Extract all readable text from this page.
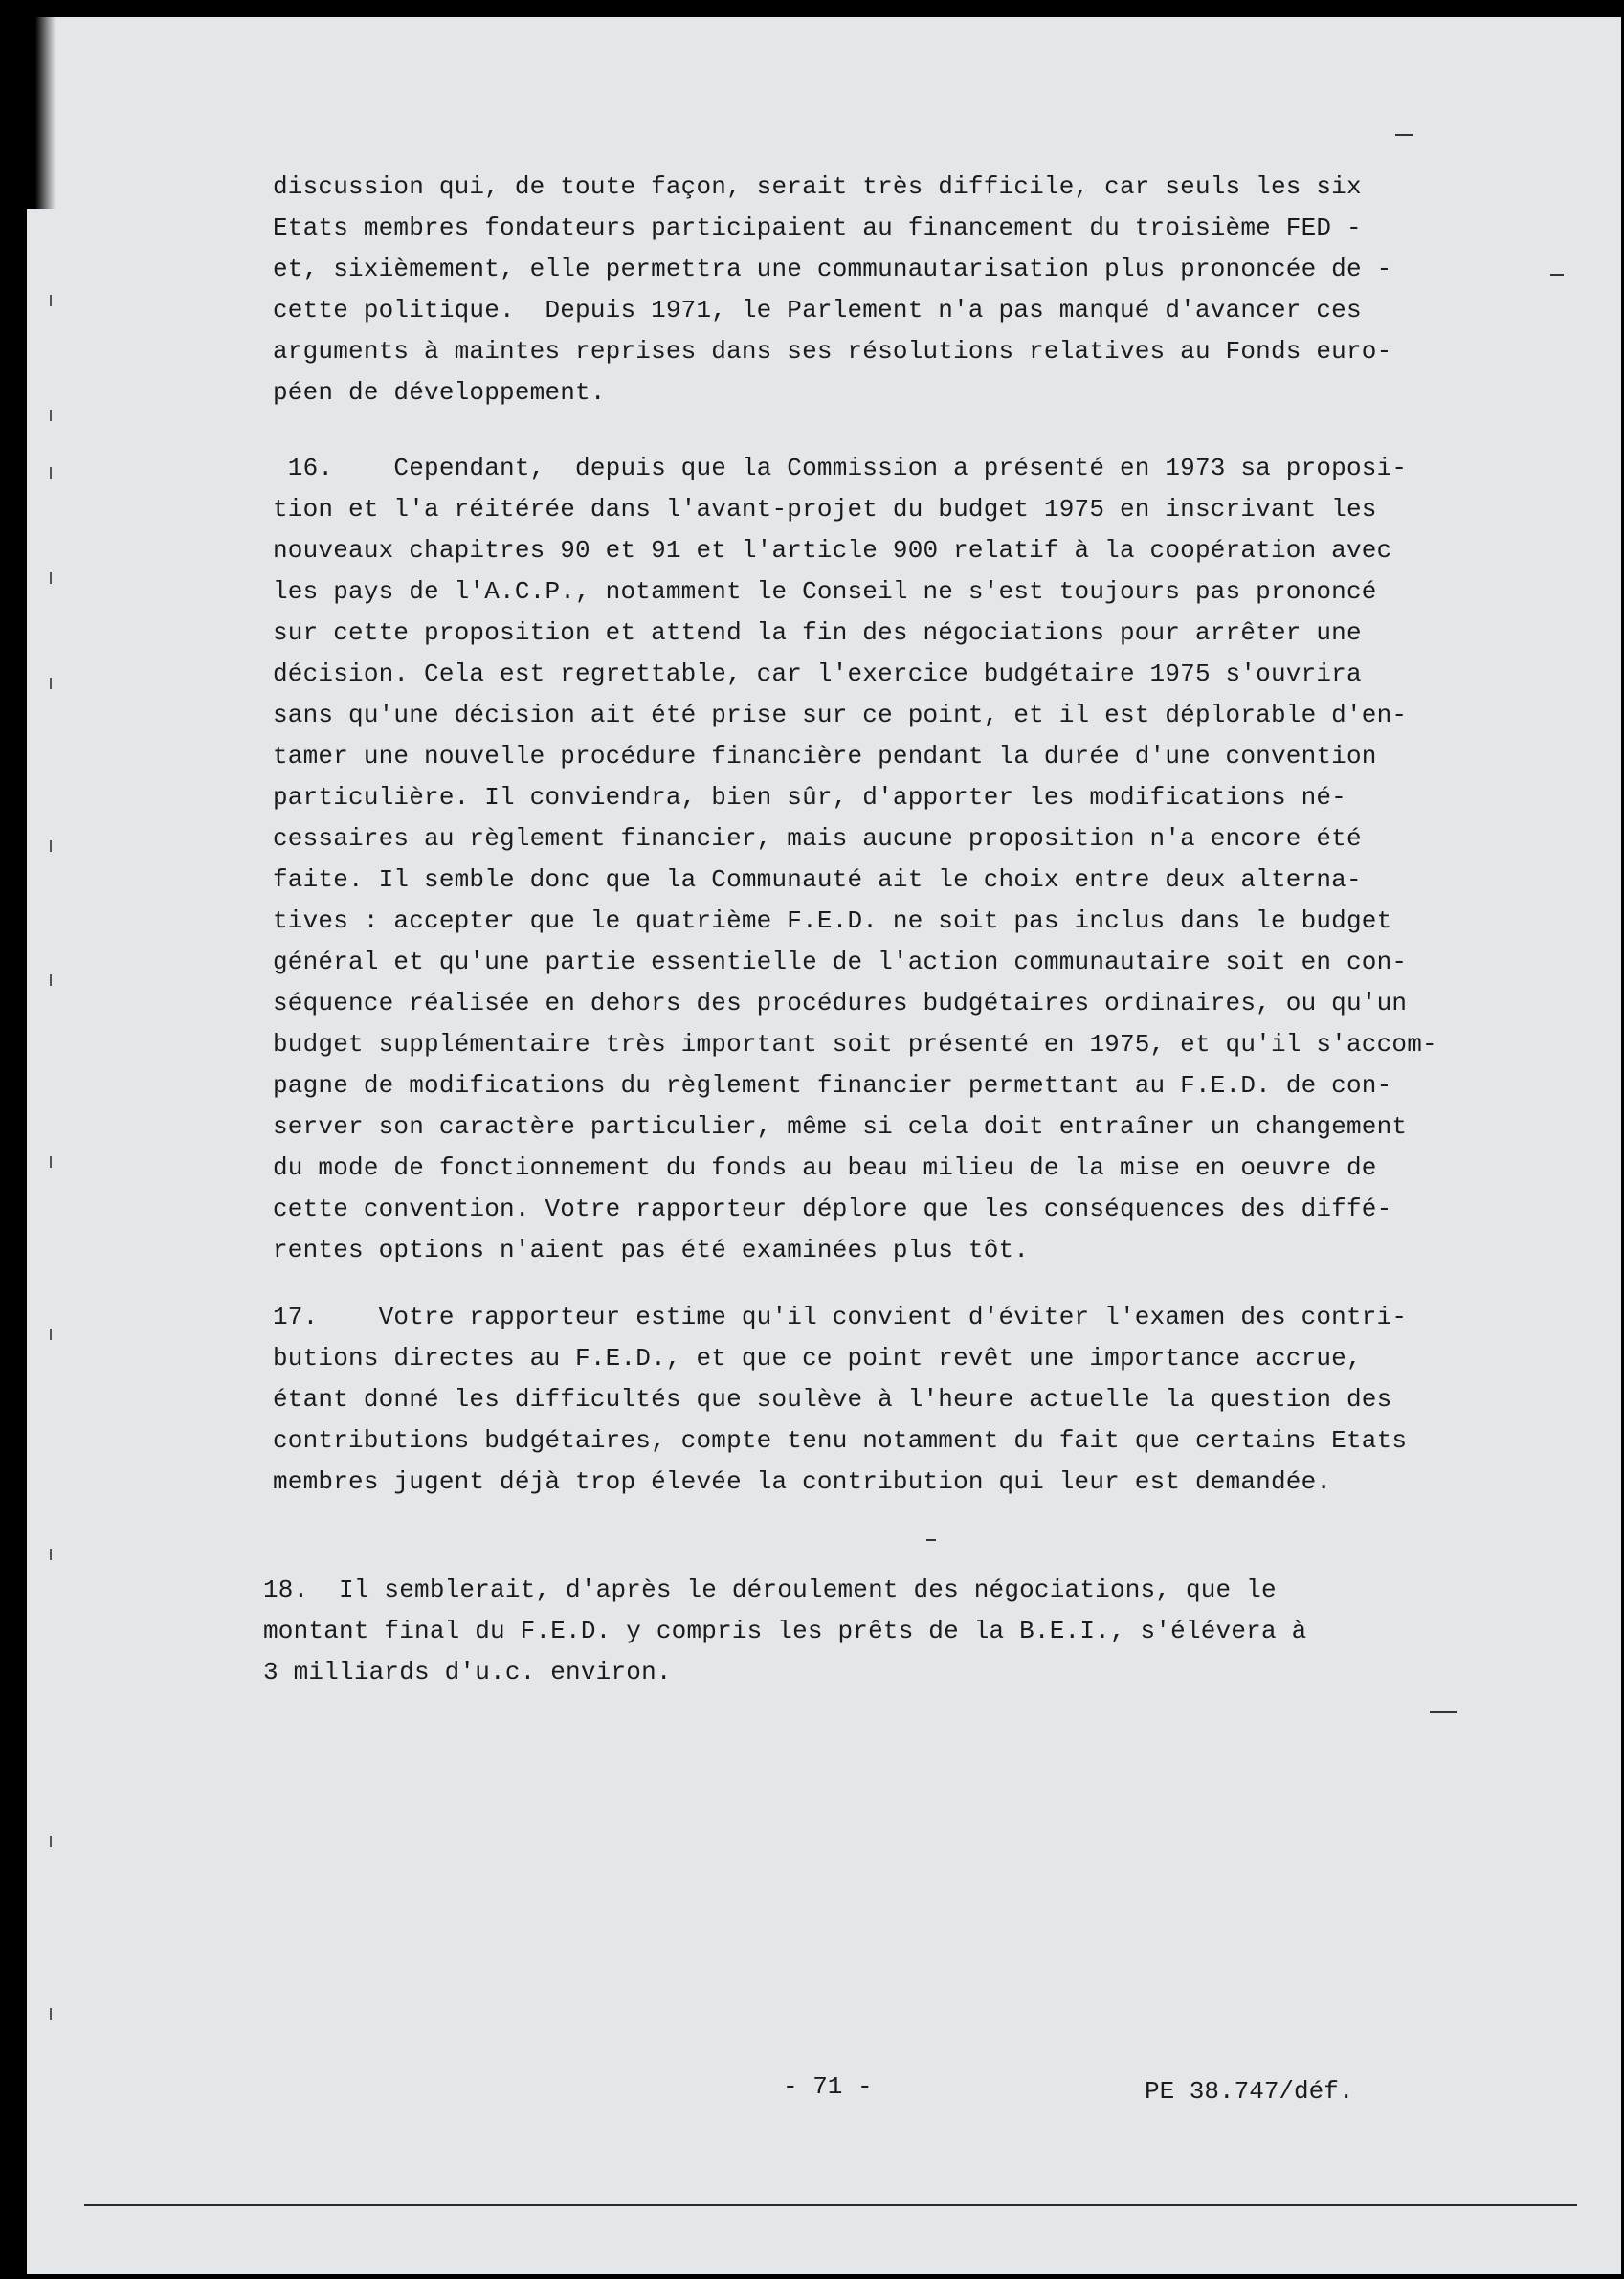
discussion qui, de toute façon, serait très difficile, car seuls les six
Etats membres fondateurs participaient au financement du troisième FED -
et, sixièmement, elle permettra une communautarisation plus prononcée de -
cette politique.  Depuis 1971, le Parlement n'a pas manqué d'avancer ces
arguments à maintes reprises dans ses résolutions relatives au Fonds euro-
péen de développement.
16.    Cependant,  depuis que la Commission a présenté en 1973 sa proposi-
tion et l'a réitérée dans l'avant-projet du budget 1975 en inscrivant les
nouveaux chapitres 90 et 91 et l'article 900 relatif à la coopération avec
les pays de l'A.C.P., notamment le Conseil ne s'est toujours pas prononcé
sur cette proposition et attend la fin des négociations pour arrêter une
décision. Cela est regrettable, car l'exercice budgétaire 1975 s'ouvrira
sans qu'une décision ait été prise sur ce point, et il est déplorable d'en-
tamer une nouvelle procédure financière pendant la durée d'une convention
particulière. Il conviendra, bien sûr, d'apporter les modifications né-
cessaires au règlement financier, mais aucune proposition n'a encore été
faite. Il semble donc que la Communauté ait le choix entre deux alterna-
tives : accepter que le quatrième F.E.D. ne soit pas inclus dans le budget
général et qu'une partie essentielle de l'action communautaire soit en con-
séquence réalisée en dehors des procédures budgétaires ordinaires, ou qu'un
budget supplémentaire très important soit présenté en 1975, et qu'il s'accom-
pagne de modifications du règlement financier permettant au F.E.D. de con-
server son caractère particulier, même si cela doit entraîner un changement
du mode de fonctionnement du fonds au beau milieu de la mise en oeuvre de
cette convention. Votre rapporteur déplore que les conséquences des diffé-
rentes options n'aient pas été examinées plus tôt.
17.    Votre rapporteur estime qu'il convient d'éviter l'examen des contri-
butions directes au F.E.D., et que ce point revêt une importance accrue,
étant donné les difficultés que soulève à l'heure actuelle la question des
contributions budgétaires, compte tenu notamment du fait que certains Etats
membres jugent déjà trop élevée la contribution qui leur est demandée.
18.  Il semblerait, d'après le déroulement des négociations, que le
montant final du F.E.D. y compris les prêts de la B.E.I., s'élévera à
3 milliards d'u.c. environ.
- 71 -	PE 38.747/déf.
